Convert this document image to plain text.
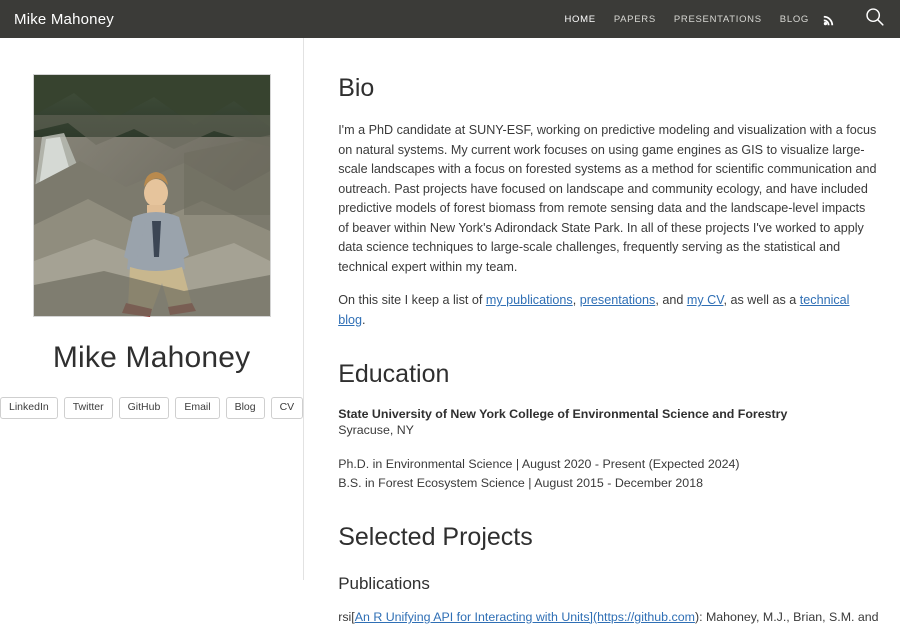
Mike Mahoney	HOME PAPERS PRESENTATIONS BLOG
Mike Mahoney
LinkedIn	Twitter	GitHub	Email	Blog	CV
Bio

I'm a PhD candidate at SUNY-ESF, working on predictive modeling and visualization with a focus on natural systems. My current work focuses on using game engines as GIS to visualize large-scale landscapes with a focus on forested systems as a method for scientific communication and outreach. Past projects have focused on landscape and community ecology, and have included predictive models of forest biomass from remote sensing data and the landscape-level impacts of beaver within New York's Adirondack State Park. In all of these projects I've worked to apply data science techniques to large-scale challenges, frequently serving as the statistical and technical expert within my team.

On this site I keep a list of my publications, presentations, and my CV, as well as a technical blog.

Education

State University of New York College of Environmental Science and Forestry

Syracuse, NY

Ph.D. in Environmental Science | August 2020 - Present (Expected 2024)
B.S. in Forest Ecosystem Science | August 2015 - December 2018
Selected Projects
Publications
rsi[An R Unifying API for Interacting with Units](https://github.com): Mahoney, M.J., Brian, S.M. and
